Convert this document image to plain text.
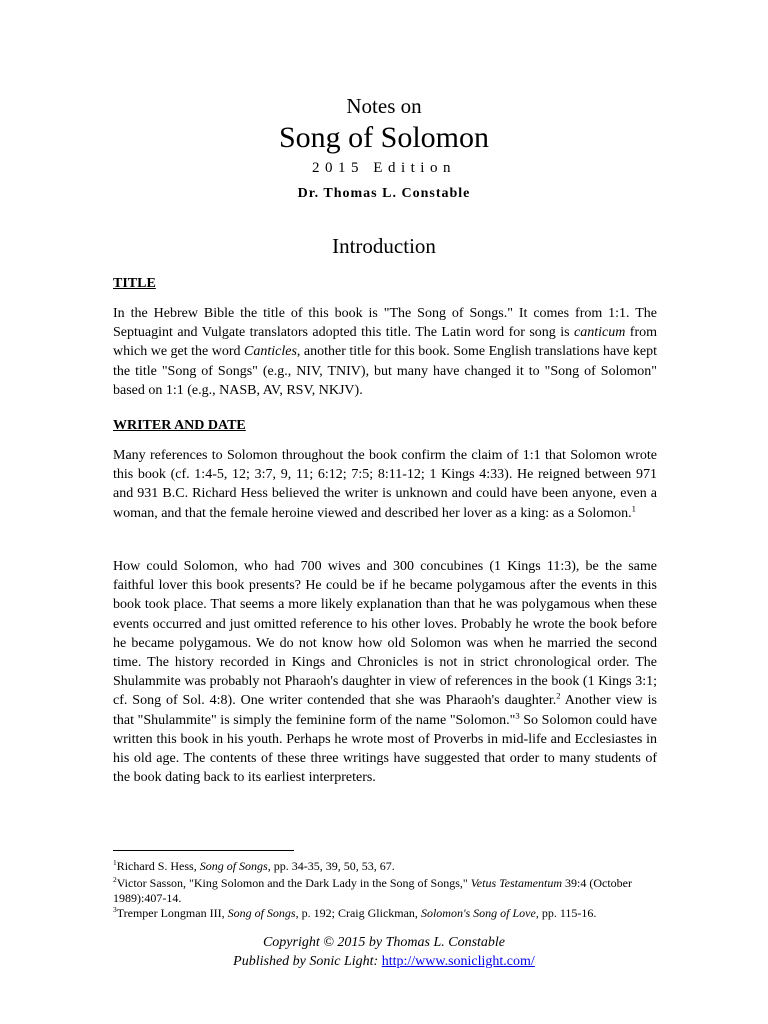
Notes on
Song of Solomon
2015 Edition
Dr. Thomas L. Constable
Introduction
TITLE

In the Hebrew Bible the title of this book is "The Song of Songs." It comes from 1:1. The Septuagint and Vulgate translators adopted this title. The Latin word for song is canticum from which we get the word Canticles, another title for this book. Some English translations have kept the title "Song of Songs" (e.g., NIV, TNIV), but many have changed it to "Song of Solomon" based on 1:1 (e.g., NASB, AV, RSV, NKJV).

WRITER AND DATE

Many references to Solomon throughout the book confirm the claim of 1:1 that Solomon wrote this book (cf. 1:4-5, 12; 3:7, 9, 11; 6:12; 7:5; 8:11-12; 1 Kings 4:33). He reigned between 971 and 931 B.C. Richard Hess believed the writer is unknown and could have been anyone, even a woman, and that the female heroine viewed and described her lover as a king: as a Solomon.$^1$

How could Solomon, who had 700 wives and 300 concubines (1 Kings 11:3), be the same faithful lover this book presents? He could be if he became polygamous after the events in this book took place. That seems a more likely explanation than that he was polygamous when these events occurred and just omitted reference to his other loves. Probably he wrote the book before he became polygamous. We do not know how old Solomon was when he married the second time. The history recorded in Kings and Chronicles is not in strict chronological order. The Shulammite was probably not Pharaoh's daughter in view of references in the book (1 Kings 3:1; cf. Song of Sol. 4:8). One writer contended that she was Pharaoh's daughter.$^2$ Another view is that "Shulammite" is simply the feminine form of the name "Solomon."$^3$ So Solomon could have written this book in his youth. Perhaps he wrote most of Proverbs in mid-life and Ecclesiastes in his old age. The contents of these three writings have suggested that order to many students of the book dating back to its earliest interpreters.

$^1$Richard S. Hess, Song of Songs, pp. 34-35, 39, 50, 53, 67.

$^2$Victor Sasson, "King Solomon and the Dark Lady in the Song of Songs," Vetus Testamentum 39:4 (October 1989):407-14.

$^3$Tremper Longman III, Song of Songs, p. 192; Craig Glickman, Solomon's Song of Love, pp. 115-16.

Copyright © 2015 by Thomas L. Constable
Published by Sonic Light: http://www.soniclight.com/
